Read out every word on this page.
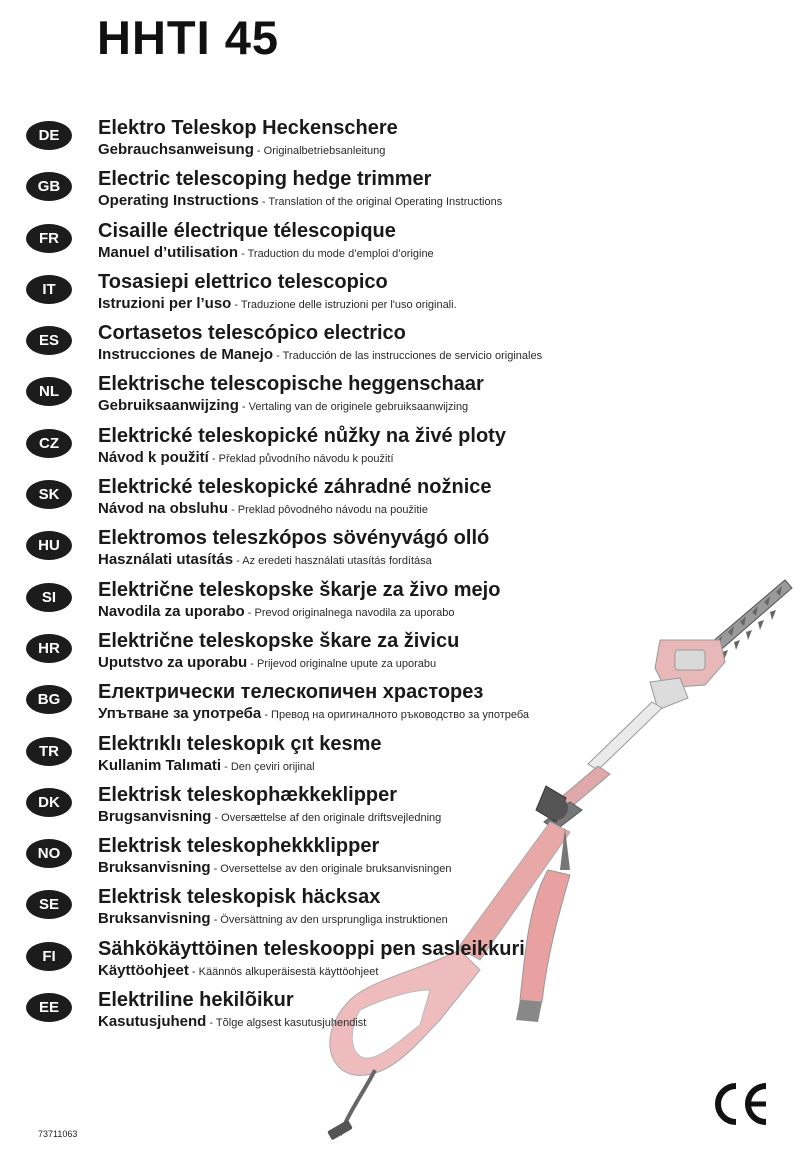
HHTI 45
DE	Elektro Teleskop Heckenschere
Gebrauchsanweisung - Originalbetriebsanleitung
GB	Electric telescoping hedge trimmer
Operating Instructions - Translation of the original Operating Instructions
FR	Cisaille électrique télescopique
Manuel d’utilisation - Traduction du mode d’emploi d’origine
IT	Tosasiepi elettrico telescopico
Istruzioni per l’uso - Traduzione delle istruzioni per l'uso originali.
ES	Cortasetos telescópico electrico
Instrucciones de Manejo - Traducción de las instrucciones de servicio originales
NL	Elektrische telescopische heggenschaar
Gebruiksaanwijzing - Vertaling van de originele gebruiksaanwijzing
CZ	Elektrické teleskopické nůžky na živé ploty
Návod k použití - Překlad původního návodu k použití
SK	Elektrické teleskopické záhradné nožnice
Návod na obsluhu - Preklad pôvodného návodu na použitie
HU	Elektromos teleszkópos sövényvágó olló
Használati utasítás - Az eredeti használati utasítás fordítása
SI	Električne teleskopske škarje za živo mejo
Navodila za uporabo - Prevod originalnega navodila za uporabo
HR	Električne teleskopske škare za živicu
Uputstvo za uporabu - Prijevod originalne upute za uporabu
BG	Електрически телескопичен храсторез
Упътване за употреба - Превод на оригиналното ръководство за употреба
TR	Elektrıklı teleskopık çıt kesme
Kullanim Talımati - Den çeviri orijinal
DK	Elektrisk teleskophækkeklipper
Brugsanvisning - Oversættelse af den originale driftsvejledning
NO	Elektrisk teleskophekkklipper
Bruksanvisning - Oversettelse av den originale bruksanvisningen
SE	Elektrisk teleskopisk häcksax
Bruksanvisning - Översättning av den ursprungliga instruktionen
FI	Sähkökäyttöinen teleskooppi pen sasleikkuri
Käyttöohjeet - Käännös alkuperäisestä käyttöohjeet
EE	Elektriline hekilõikur
Kasutusjuhend - Tõlge algsest kasutusjuhendist
73711063
